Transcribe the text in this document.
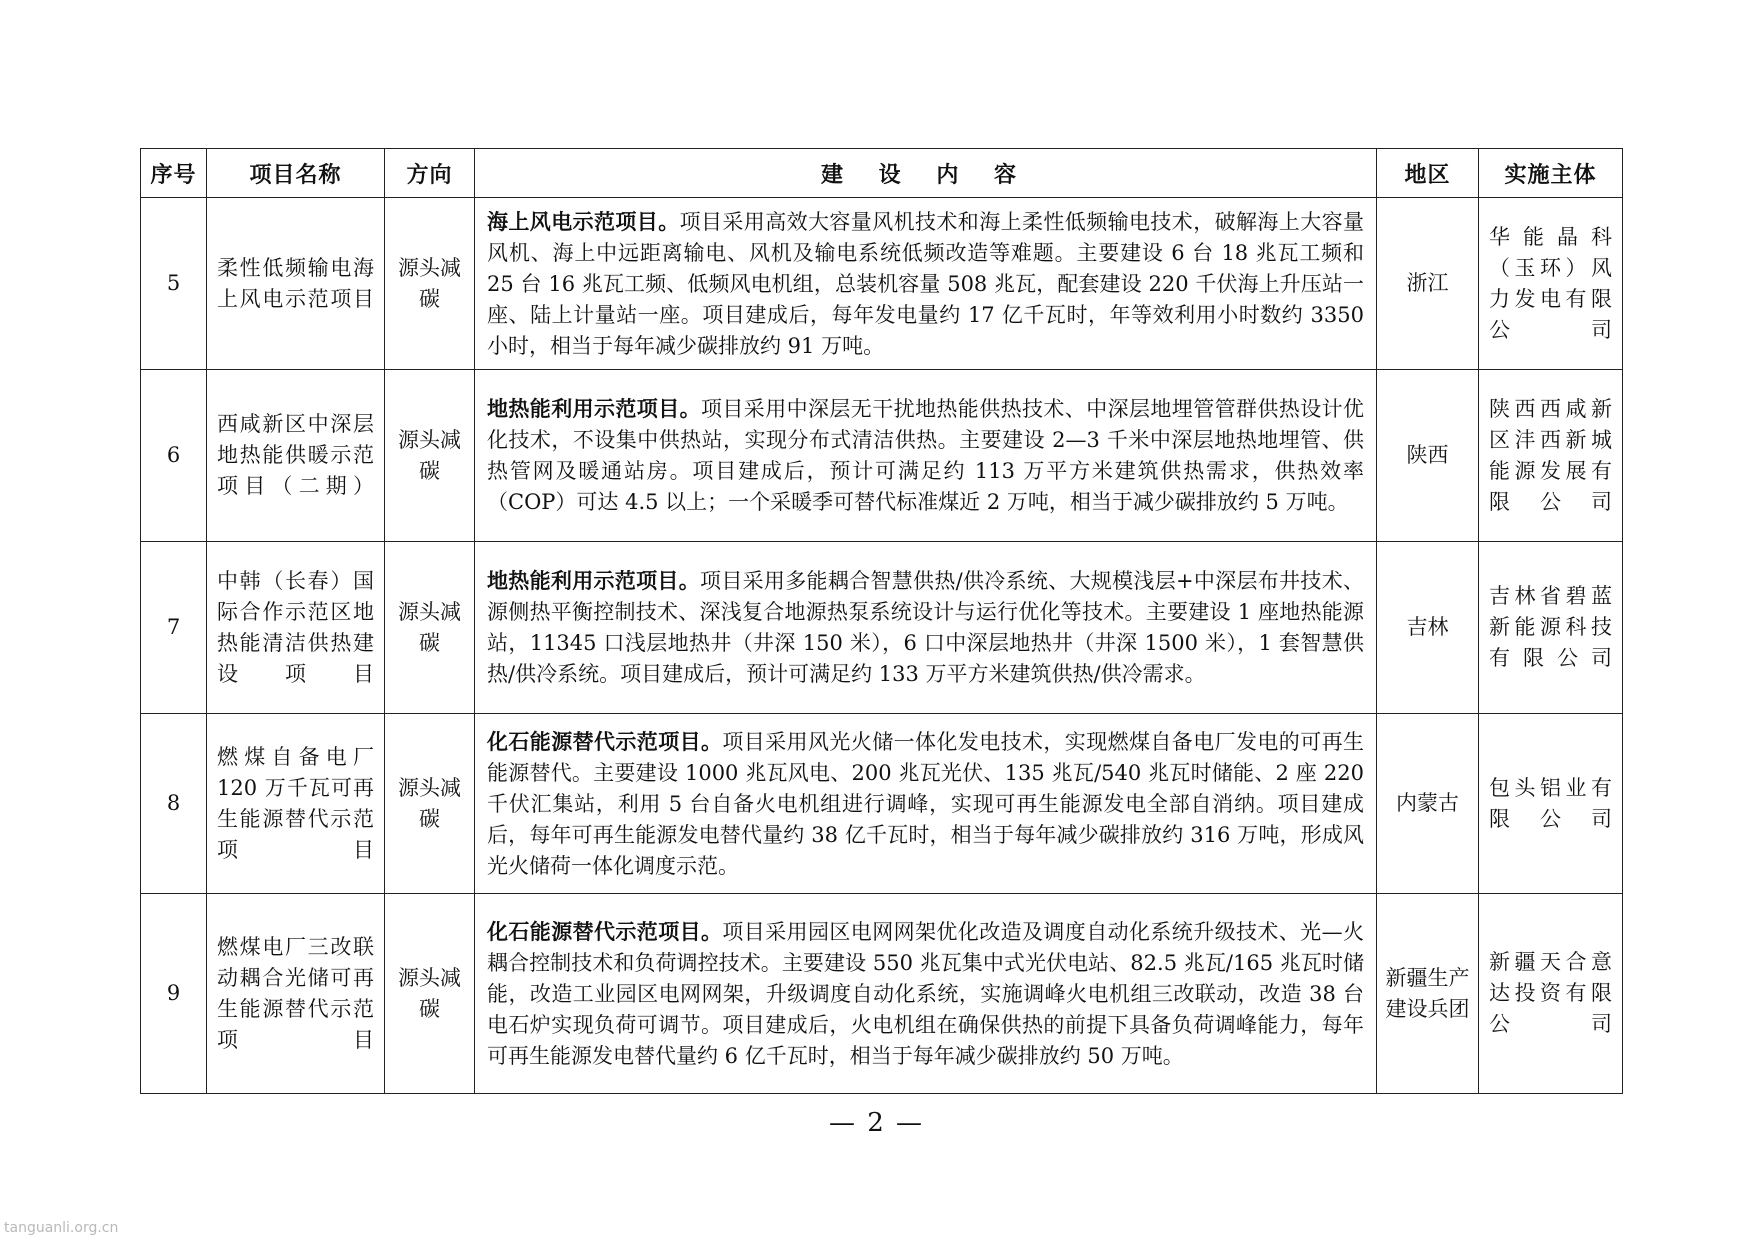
序号	项目名称	方向	建 设 内 容	地区	实施主体
5	柔性低频输电海上风电示范项目	源头减碳	海上风电示范项目。项目采用高效大容量风机技术和海上柔性低频输电技术，破解海上大容量风机、海上中远距离输电、风机及输电系统低频改造等难题。主要建设 6 台 18 兆瓦工频和 25 台 16 兆瓦工频、低频风电机组，总装机容量 508 兆瓦，配套建设 220 千伏海上升压站一座、陆上计量站一座。项目建成后，每年发电量约 17 亿千瓦时，年等效利用小时数约 3350 小时，相当于每年减少碳排放约 91 万吨。	浙江	华能晶科（玉环）风力发电有限公司
6	西咸新区中深层地热能供暖示范项目（二期）	源头减碳	地热能利用示范项目。项目采用中深层无干扰地热能供热技术、中深层地埋管管群供热设计优化技术，不设集中供热站，实现分布式清洁供热。主要建设 2—3 千米中深层地热地埋管、供热管网及暖通站房。项目建成后，预计可满足约 113 万平方米建筑供热需求，供热效率（COP）可达 4.5 以上；一个采暖季可替代标准煤近 2 万吨，相当于减少碳排放约 5 万吨。	陕西	陕西西咸新区沣西新城能源发展有限公司
7	中韩（长春）国际合作示范区地热能清洁供热建设项目	源头减碳	地热能利用示范项目。项目采用多能耦合智慧供热/供冷系统、大规模浅层+中深层布井技术、源侧热平衡控制技术、深浅复合地源热泵系统设计与运行优化等技术。主要建设 1 座地热能源站，11345 口浅层地热井（井深 150 米），6 口中深层地热井（井深 1500 米），1 套智慧供热/供冷系统。项目建成后，预计可满足约 133 万平方米建筑供热/供冷需求。	吉林	吉林省碧蓝新能源科技有限公司
8	燃煤自备电厂 120 万千瓦可再生能源替代示范项目	源头减碳	化石能源替代示范项目。项目采用风光火储一体化发电技术，实现燃煤自备电厂发电的可再生能源替代。主要建设 1000 兆瓦风电、200 兆瓦光伏、135 兆瓦/540 兆瓦时储能、2 座 220 千伏汇集站，利用 5 台自备火电机组进行调峰，实现可再生能源发电全部自消纳。项目建成后，每年可再生能源发电替代量约 38 亿千瓦时，相当于每年减少碳排放约 316 万吨，形成风光火储荷一体化调度示范。	内蒙古	包头铝业有限公司
9	燃煤电厂三改联动耦合光储可再生能源替代示范项目	源头减碳	化石能源替代示范项目。项目采用园区电网网架优化改造及调度自动化系统升级技术、光—火耦合控制技术和负荷调控技术。主要建设 550 兆瓦集中式光伏电站、82.5 兆瓦/165 兆瓦时储能，改造工业园区电网网架，升级调度自动化系统，实施调峰火电机组三改联动，改造 38 台电石炉实现负荷可调节。项目建成后，火电机组在确保供热的前提下具备负荷调峰能力，每年可再生能源发电替代量约 6 亿千瓦时，相当于每年减少碳排放约 50 万吨。	新疆生产建设兵团	新疆天合意达投资有限公司
— 2 —
tanguanli.org.cn
